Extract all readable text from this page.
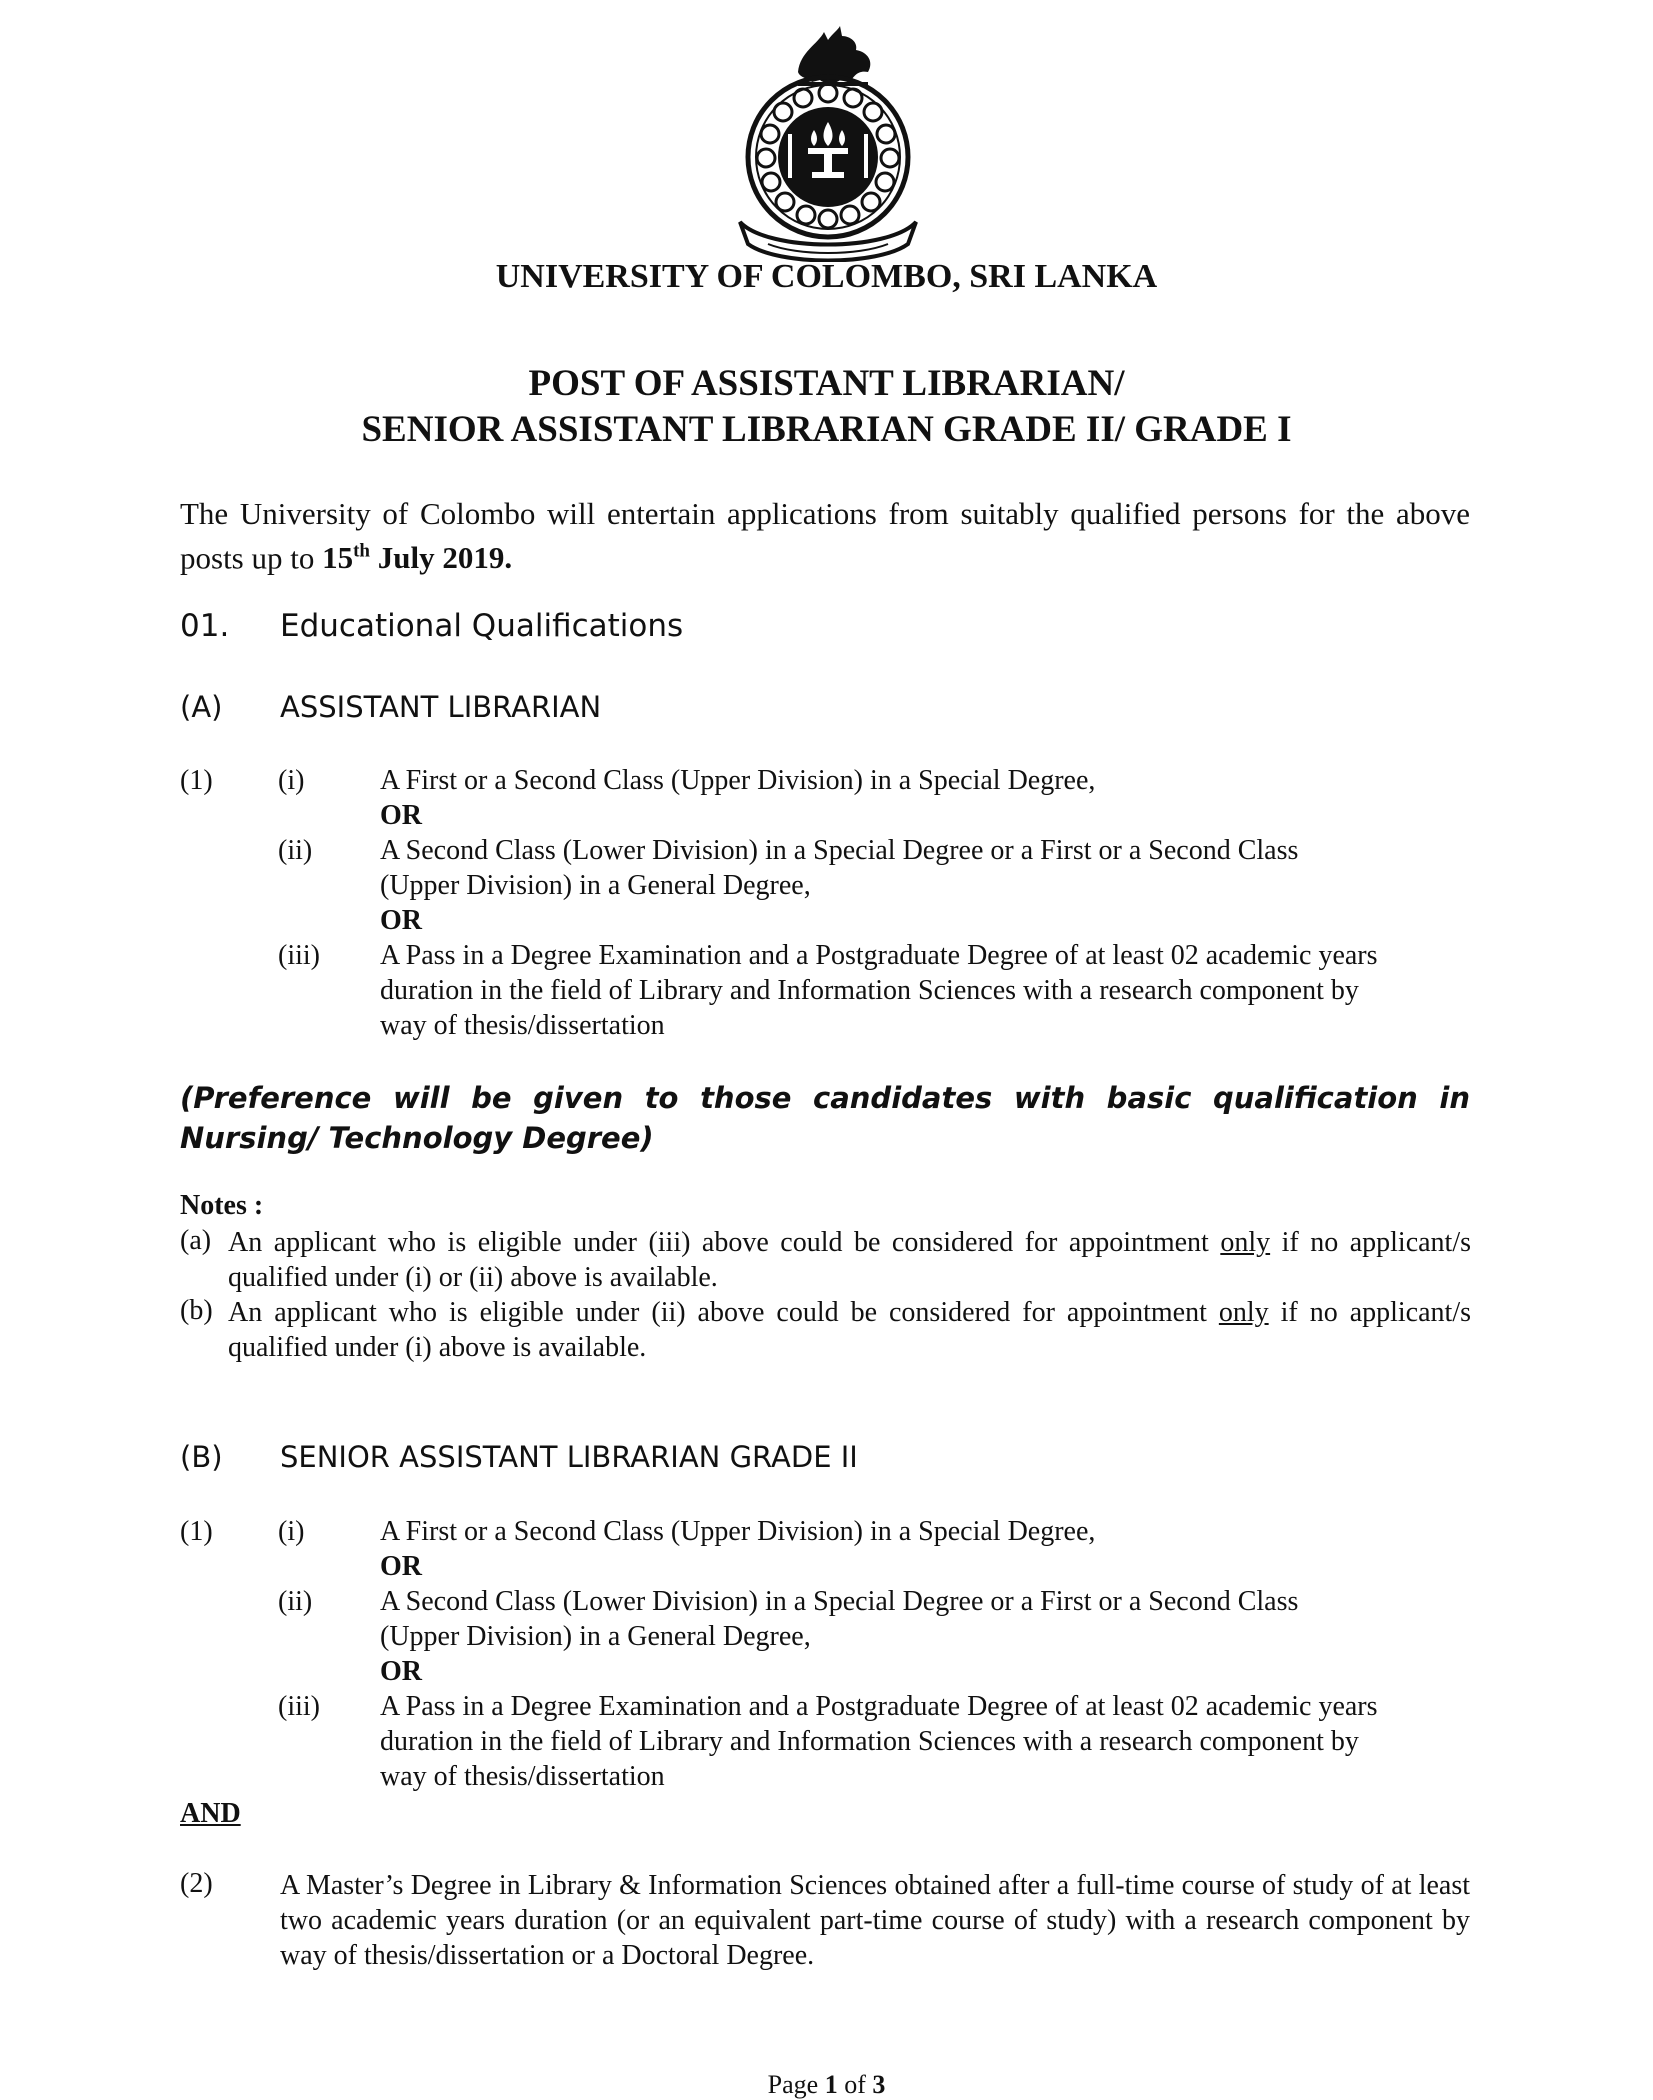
UNIVERSITY OF COLOMBO, SRI LANKA
POST OF ASSISTANT LIBRARIAN/
SENIOR ASSISTANT LIBRARIAN GRADE II/ GRADE I
The University of Colombo will entertain applications from suitably qualified persons for the above posts up to 15th July 2019.
01. Educational Qualifications
(A) ASSISTANT LIBRARIAN
(1) (i)	A First or a Second Class (Upper Division) in a Special Degree,
OR
(ii) A Second Class (Lower Division) in a Special Degree or a First or a Second Class
(Upper Division) in a General Degree,
OR
(iii) A Pass in a Degree Examination and a Postgraduate Degree of at least 02 academic years
duration in the field of Library and Information Sciences with a research component by
way of thesis/dissertation
(Preference will be given to those candidates with basic qualification in Nursing/ Technology Degree)
Notes :
(a) An applicant who is eligible under (iii) above could be considered for appointment only if no applicant/s qualified under (i) or (ii) above is available.
(b) An applicant who is eligible under (ii) above could be considered for appointment only if no applicant/s qualified under (i) above is available.
(B) SENIOR ASSISTANT LIBRARIAN GRADE II
(1) (i)	A First or a Second Class (Upper Division) in a Special Degree,
OR
(ii) A Second Class (Lower Division) in a Special Degree or a First or a Second Class
(Upper Division) in a General Degree,
OR
(iii) A Pass in a Degree Examination and a Postgraduate Degree of at least 02 academic years
duration in the field of Library and Information Sciences with a research component by
way of thesis/dissertation
AND
(2) A Master’s Degree in Library & Information Sciences obtained after a full-time course of study of at least two academic years duration (or an equivalent part-time course of study) with a research component by way of thesis/dissertation or a Doctoral Degree.
Page 1 of 3
